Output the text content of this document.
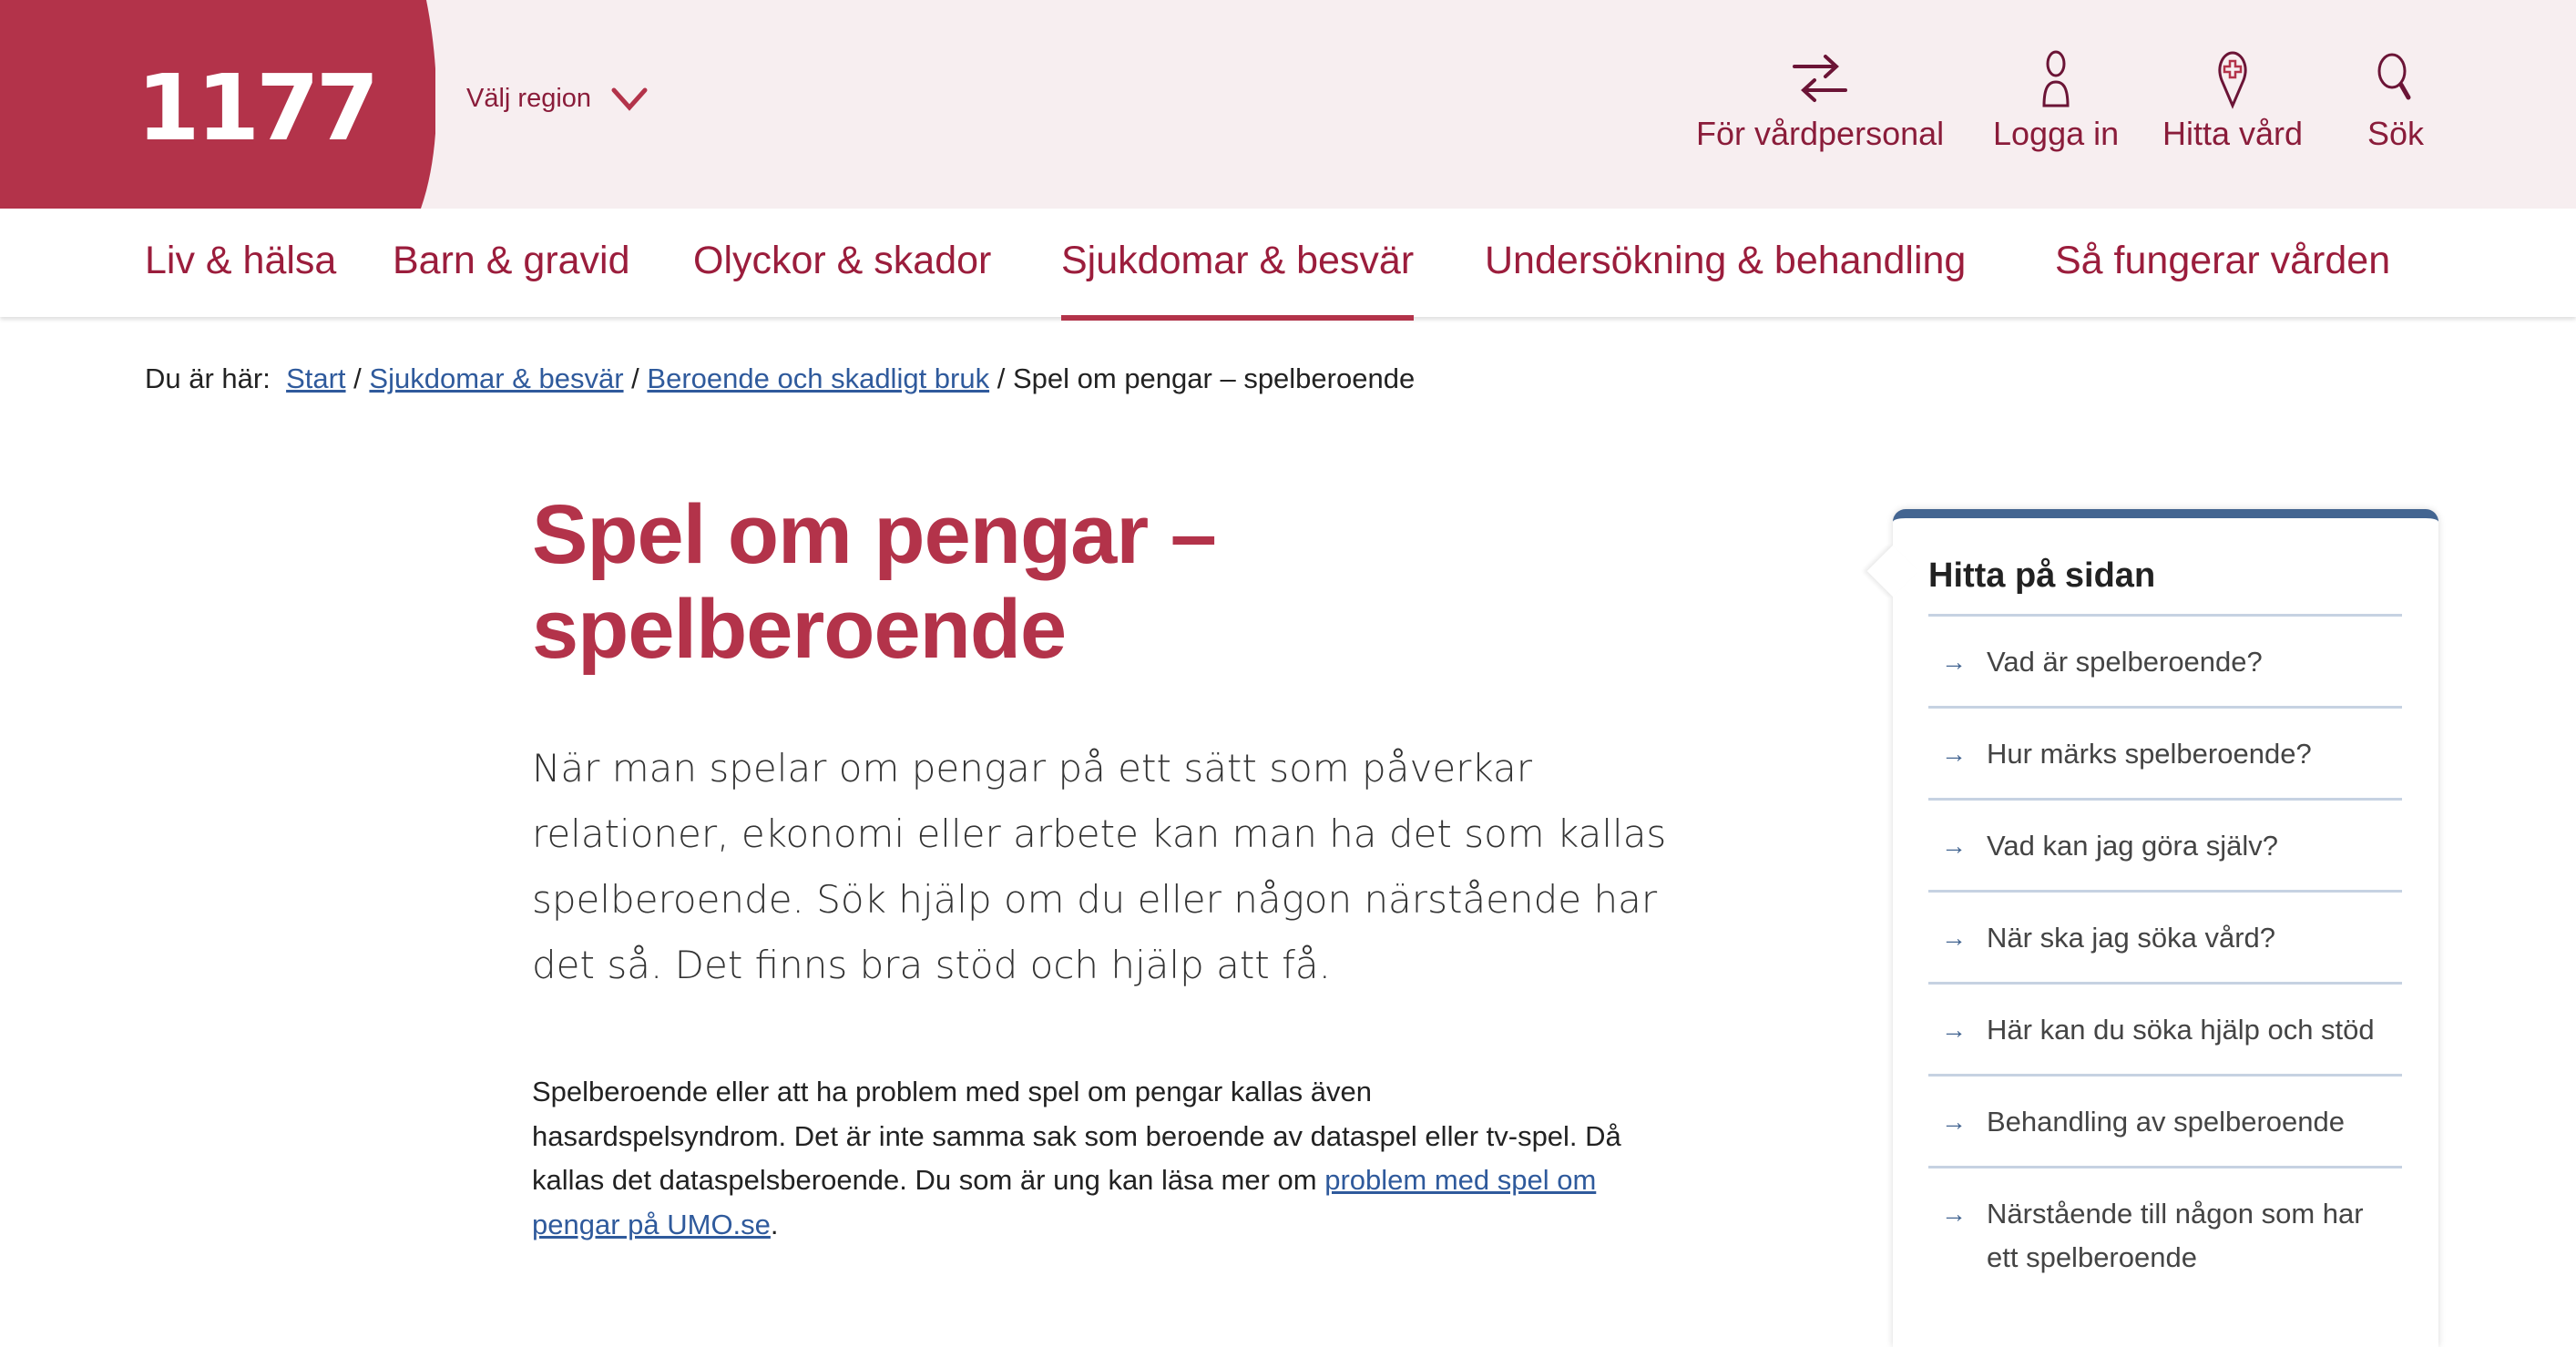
1177	Välj region
För vårdpersonal Logga in Hitta vård Sök
Liv & hälsa Barn & gravid Olyckor & skador Sjukdomar & besvär Undersökning & behandling Så fungerar vården
Du är här: Start / Sjukdomar & besvär / Beroende och skadligt bruk / Spel om pengar – spelberoende
Spel om pengar – spelberoende

När man spelar om pengar på ett sätt som påverkar relationer, ekonomi eller arbete kan man ha det som kallas spelberoende. Sök hjälp om du eller någon närstående har det så. Det finns bra stöd och hjälp att få.

Spelberoende eller att ha problem med spel om pengar kallas även hasardspelsyndrom. Det är inte samma sak som beroende av dataspel eller tv-spel. Då kallas det dataspelsberoende. Du som är ung kan läsa mer om problem med spel om pengar på UMO.se.

Hitta på sidan
→ Vad är spelberoende?
→ Hur märks spelberoende?
→ Vad kan jag göra själv?
→ När ska jag söka vård?
→ Här kan du söka hjälp och stöd
→ Behandling av spelberoende
→ Närstående till någon som har ett spelberoende
